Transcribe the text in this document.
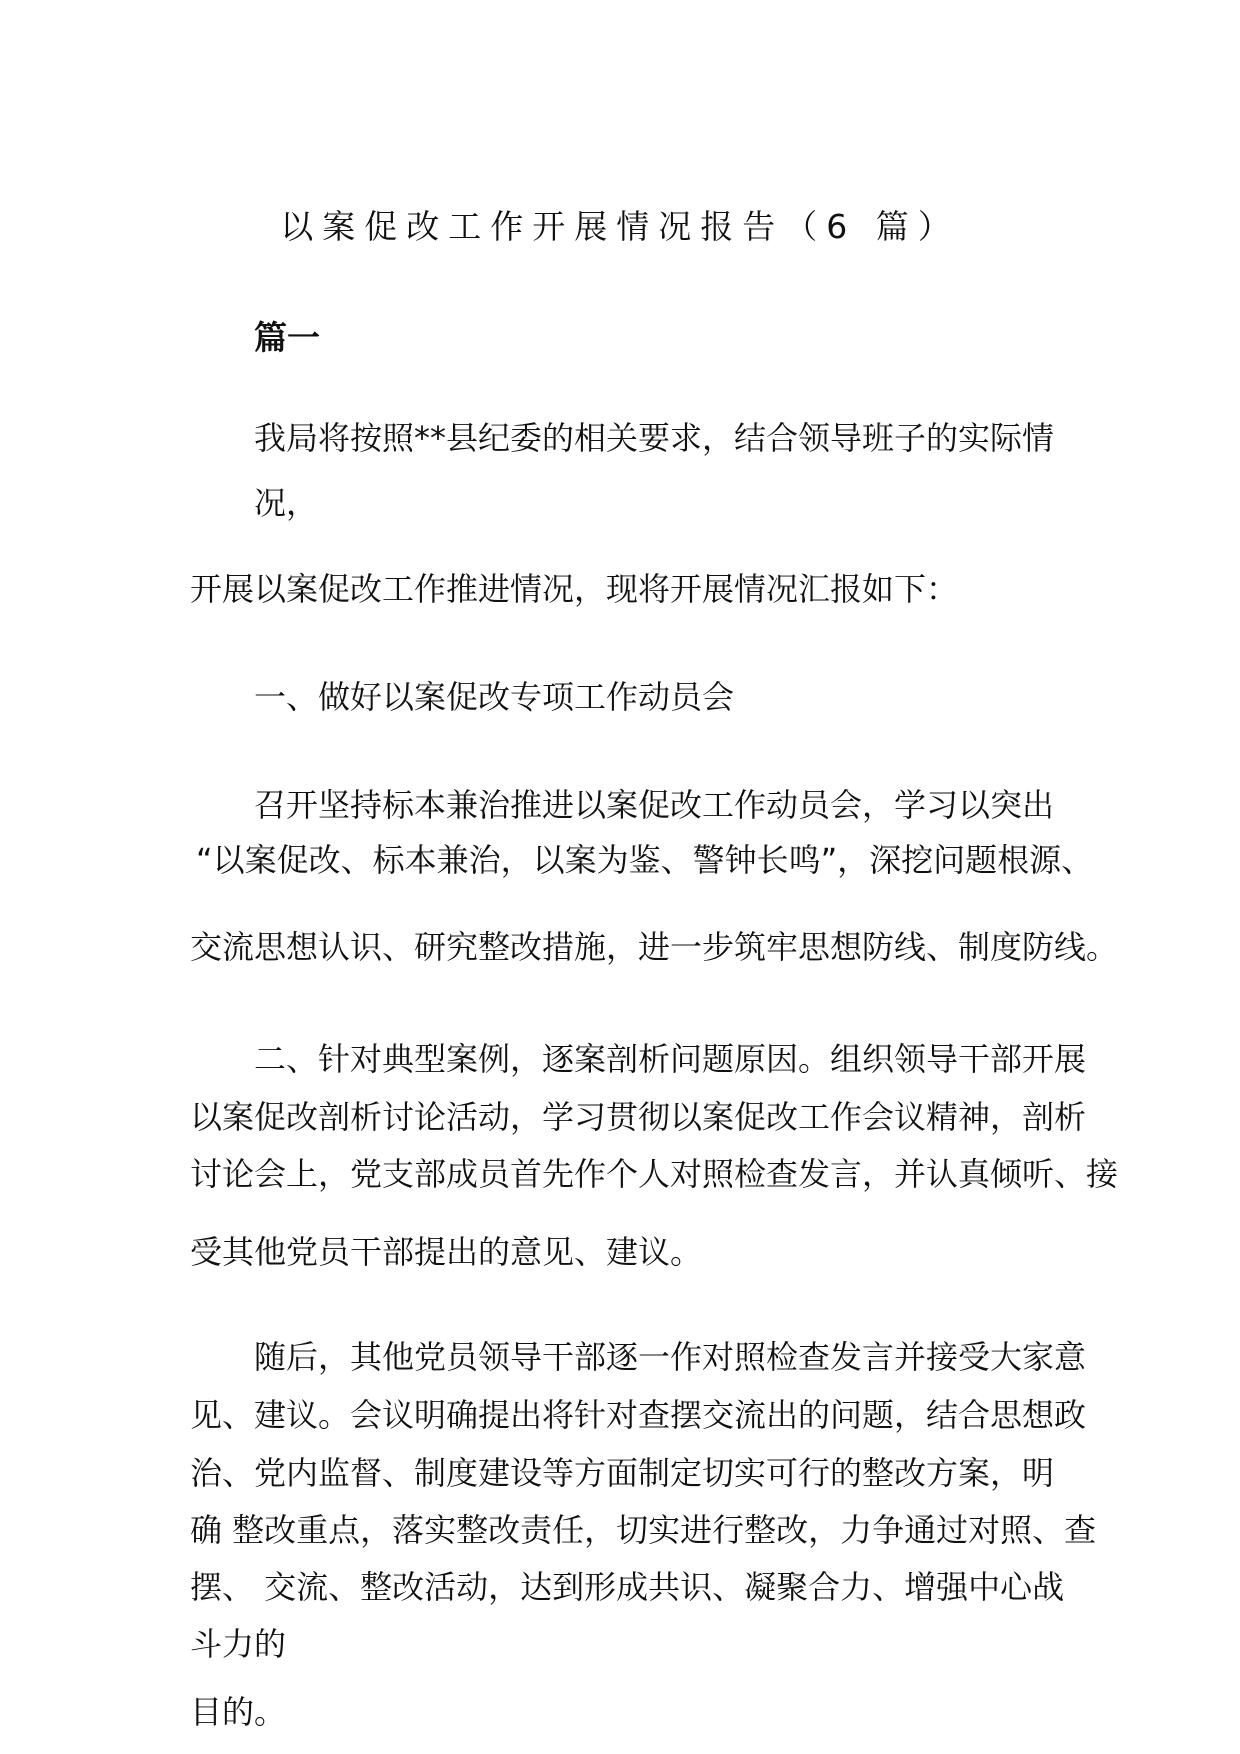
以案促改工作开展情况报告（6 篇）
篇一
我局将按照**县纪委的相关要求，结合领导班子的实际情
况，
开展以案促改工作推进情况，现将开展情况汇报如下：
一、做好以案促改专项工作动员会
召开坚持标本兼治推进以案促改工作动员会，学习以突出
“以案促改、标本兼治，以案为鉴、警钟长鸣”，深挖问题根源、
交流思想认识、研究整改措施，进一步筑牢思想防线、制度防线。
二、针对典型案例，逐案剖析问题原因。组织领导干部开展
以案促改剖析讨论活动，学习贯彻以案促改工作会议精神，剖析
讨论会上，党支部成员首先作个人对照检查发言，并认真倾听、接
受其他党员干部提出的意见、建议。
随后，其他党员领导干部逐一作对照检查发言并接受大家意
见、建议。会议明确提出将针对查摆交流出的问题，结合思想政
治、党内监督、制度建设等方面制定切实可行的整改方案，明
确 整改重点，落实整改责任，切实进行整改，力争通过对照、查
摆、 交流、整改活动，达到形成共识、凝聚合力、增强中心战
斗力的
目的。
